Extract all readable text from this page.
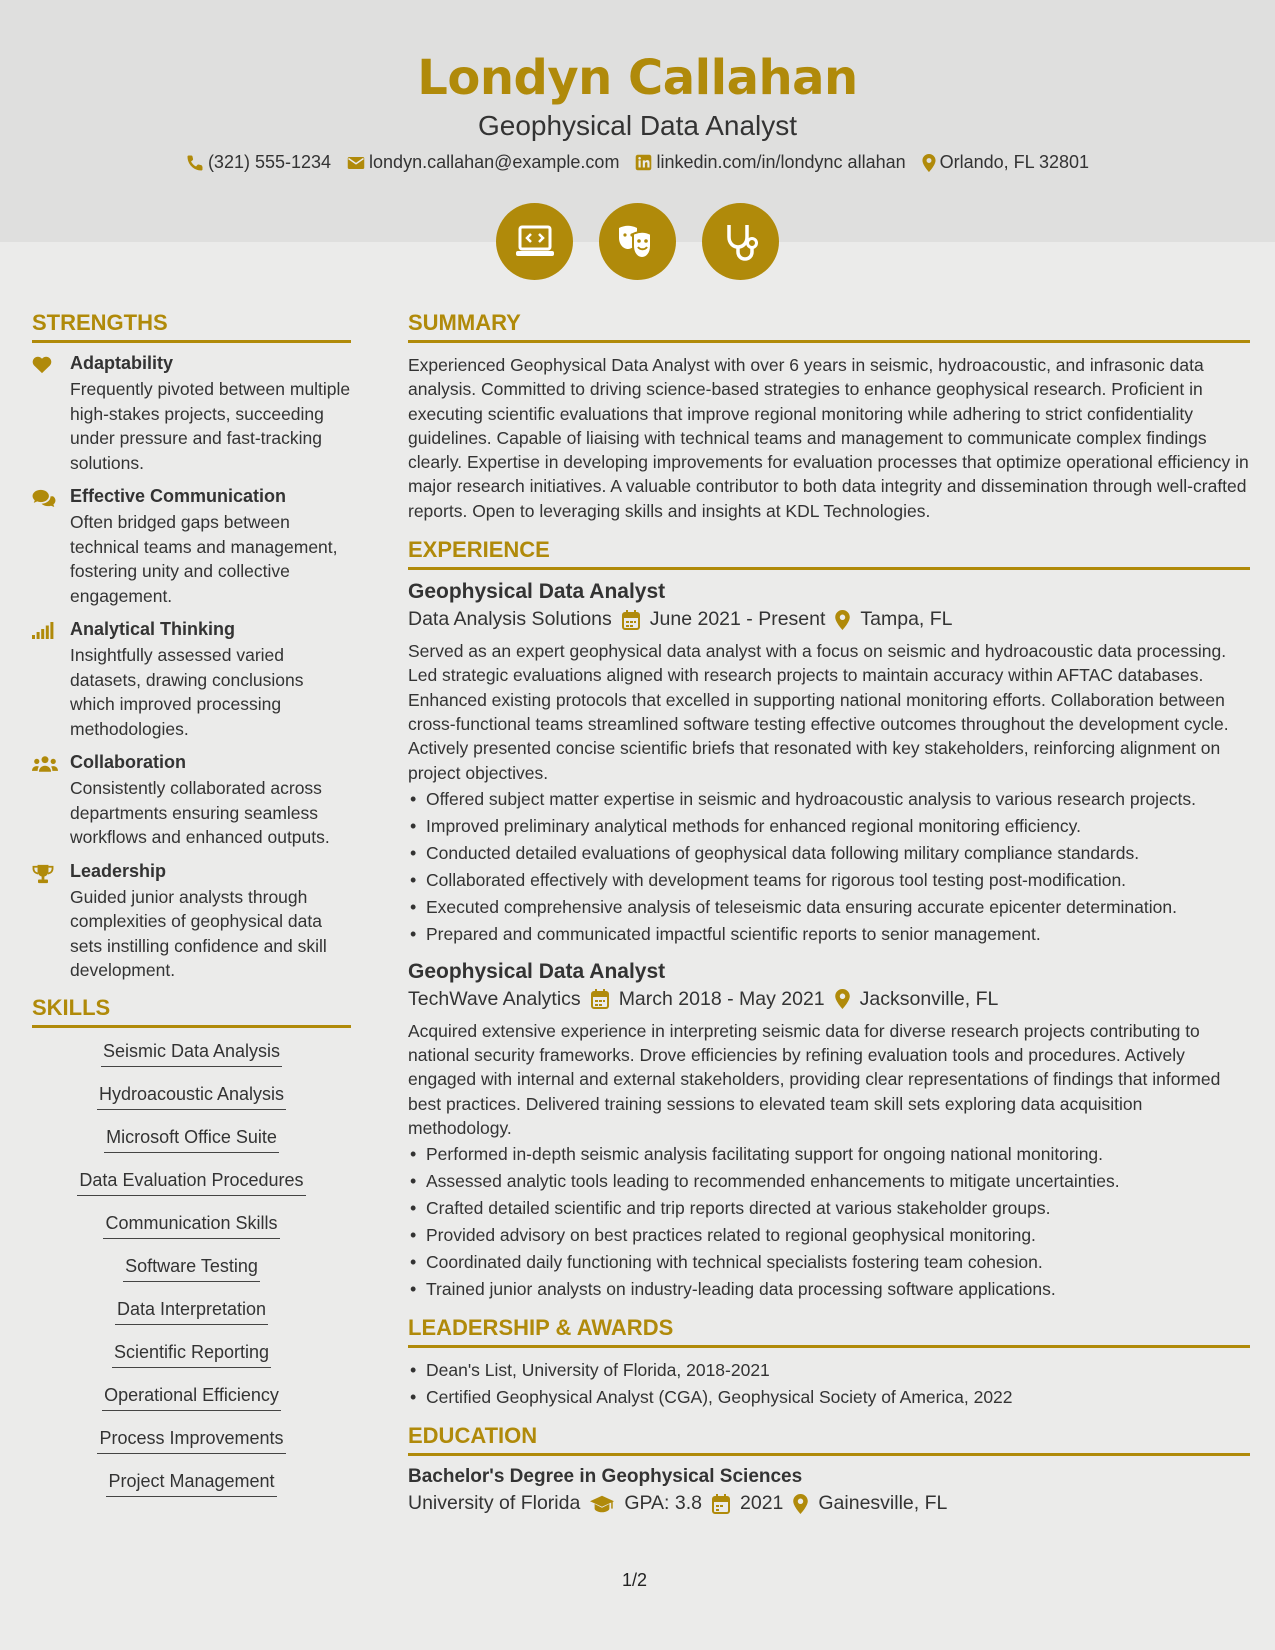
Londyn Callahan
Geophysical Data Analyst
(321) 555-1234 londyn.callahan@example.com linkedin.com/in/londync allahan Orlando, FL 32801
STRENGTHS
Adaptability

Frequently pivoted between multiple high-stakes projects, succeeding under pressure and fast-tracking solutions.

Effective Communication

Often bridged gaps between technical teams and management, fostering unity and collective engagement.

Analytical Thinking

Insightfully assessed varied datasets, drawing conclusions which improved processing methodologies.

Collaboration

Consistently collaborated across departments ensuring seamless workflows and enhanced outputs.

Leadership

Guided junior analysts through complexities of geophysical data sets instilling confidence and skill development.

SKILLS
Seismic Data Analysis
Hydroacoustic Analysis
Microsoft Office Suite
Data Evaluation Procedures
Communication Skills
Software Testing
Data Interpretation
Scientific Reporting
Operational Efficiency
Process Improvements
Project Management
SUMMARY

Experienced Geophysical Data Analyst with over 6 years in seismic, hydroacoustic, and infrasonic data analysis. Committed to driving science-based strategies to enhance geophysical research. Proficient in executing scientific evaluations that improve regional monitoring while adhering to strict confidentiality guidelines. Capable of liaising with technical teams and management to communicate complex findings clearly. Expertise in developing improvements for evaluation processes that optimize operational efficiency in major research initiatives. A valuable contributor to both data integrity and dissemination through well-crafted reports. Open to leveraging skills and insights at KDL Technologies.

EXPERIENCE
Geophysical Data Analyst
Data Analysis Solutions June 2021 - Present Tampa, FL

Served as an expert geophysical data analyst with a focus on seismic and hydroacoustic data processing. Led strategic evaluations aligned with research projects to maintain accuracy within AFTAC databases. Enhanced existing protocols that excelled in supporting national monitoring efforts. Collaboration between cross-functional teams streamlined software testing effective outcomes throughout the development cycle. Actively presented concise scientific briefs that resonated with key stakeholders, reinforcing alignment on project objectives.

• Offered subject matter expertise in seismic and hydroacoustic analysis to various research projects.
• Improved preliminary analytical methods for enhanced regional monitoring efficiency.
• Conducted detailed evaluations of geophysical data following military compliance standards.
• Collaborated effectively with development teams for rigorous tool testing post-modification.
• Executed comprehensive analysis of teleseismic data ensuring accurate epicenter determination.
• Prepared and communicated impactful scientific reports to senior management.
Geophysical Data Analyst
TechWave Analytics March 2018 - May 2021 Jacksonville, FL

Acquired extensive experience in interpreting seismic data for diverse research projects contributing to national security frameworks. Drove efficiencies by refining evaluation tools and procedures. Actively engaged with internal and external stakeholders, providing clear representations of findings that informed best practices. Delivered training sessions to elevated team skill sets exploring data acquisition methodology.

• Performed in-depth seismic analysis facilitating support for ongoing national monitoring.
• Assessed analytic tools leading to recommended enhancements to mitigate uncertainties.
• Crafted detailed scientific and trip reports directed at various stakeholder groups.
• Provided advisory on best practices related to regional geophysical monitoring.
• Coordinated daily functioning with technical specialists fostering team cohesion.
• Trained junior analysts on industry-leading data processing software applications.
LEADERSHIP & AWARDS
• Dean's List, University of Florida, 2018-2021
• Certified Geophysical Analyst (CGA), Geophysical Society of America, 2022
EDUCATION
Bachelor's Degree in Geophysical Sciences
University of Florida GPA: 3.8 2021 Gainesville, FL
1/2
